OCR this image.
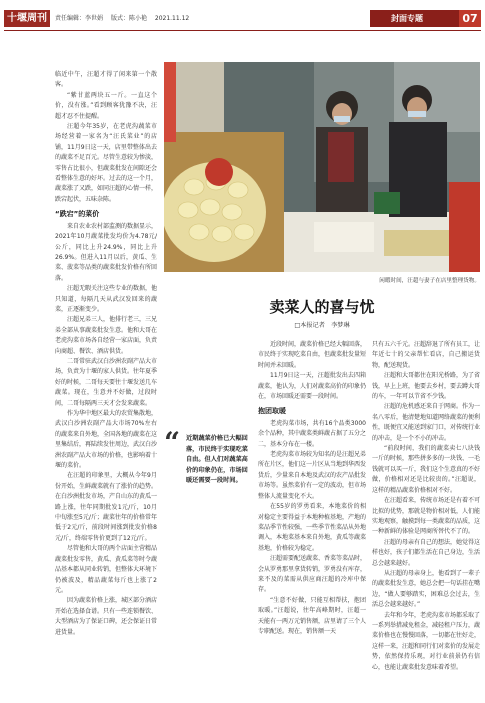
十堰周刊	责任编辑：李世娟 版式：陈小艳 2021.11.12	封面专题	07

临近中午，汪超才得了闲来第一个散客。

“紫甘蓝两块五一斤。一直这个价，没有涨。”看到顾客犹豫不决，汪超才忍不住提醒。

汪超今年35岁，在老虎沟蔬菜市场经营着一家名为“汪氏菜业”的店铺，11月9日这一天，店里带整体出去的蔬菜不足百元。尽管生意较为惨淡，零售占比很小，但蔬菜批发在间隙还会看整体生意的好坏。过去的这一个月，蔬菜涨了又跌，如同汪超的心情一样，跌宕起伏，五味杂陈。

“跌宕”的菜价

来自农业农村部监测的数据显示，2021年10月蔬菜批发均价为4.78元/公斤，同比上升24.9%，同比上升26.9%。但进入11月以后，黄瓜、生菜、菠菜等品类的蔬菜批发价格有所回落。

汪超无暇关注这些专业的数据，他只知道，每隔几天从武汉发回来的蔬菜，正逐渐变少。

汪超兄弟三人，他排行老三，三兄弟全部从事蔬菜批发生意。他和大哥在老虎沟菜市场各自经营一家店面，负责向商超、餐饮、酒店供货。

二哥常驻武汉白沙洲农副产品大市场，负责为十堰的家人供货。往年夏季好的时候，二哥每天要往十堰发送几车蔬菜。现在，生意并不好做，过段时间，二哥每隔两三天才会发来蔬菜。

作为华中地区最大的农贸集散地，武汉白沙洲农副产品大市场70%左右的蔬菜来自外地，全国各地的蔬菜在这里集结后，再陆续发往周边，武汉白沙洲农副产品大市场的价格，也影响着十堰的菜价。

在汪超的印象里，大概从今年9月份开始，生鲜蔬菜就有了涨价的趋势。在白沙洲批发市场，产自山东的黄瓜一路上涨，往年同期批发1元/斤，10月中旬涨至5元/斤；蔬菜往年的价格常年低于2元/斤，前段时间涨到批发价格8元/斤，终端零售价更到了12元/斤。

尽管他和大哥的两个店面主营精品蔬菜批发零售，黄瓜、黄瓜菜等时令蔬品基本都从同业转销，但整体大环境下仍被波及，精品蔬菜每斤也上涨了2元。

因为蔬菜价格上涨，城区部分酒店开始在选择食谱。只有一些连锁餐饮、大型酒店为了保证口碑，还会保证日常进货量。

闲暇时间，汪超与妻子在店里整理货物。
卖菜人的喜与忧
□本报记者　李梦琳

近段时间，蔬菜价格已经大幅回落，市民终于实现吃菜自由，但蔬菜批发量短时间并未回暖。

11月9日这一天，汪超批发出去四箱蔬菜，他认为，人们对蔬菜高价的印象仍在，市场回暖还需要一段时间。

抱团取暖

老虎沟菜市场，共有16个品类3000余个品种，其中蔬菜类鲜蔬占据了五分之二，基本分布在一楼。

老虎沟菜市场较为知名的是汪超兄弟所在片区，他们这一片区从当地到华西发货后，少量来自本地及武汉的农产品批发市场等。虽然菜价有一定的波动，但市场整体人流量变化不大。

在55岁的罗勇看来，本地菜价的相对稳定主要得益于本地种植基地，产地的菜品季节性较强，一些季节性菜品从外地调入，本地菜基本来自外地，黄瓜等蔬菜基地，价格较为稳定。

汪超需要配送蔬菜、香菜等菜品时，会从罗勇那里拿货转销，罗勇没有库存，来不及的菜需从供应商汪超的冷库中保存。

“生意不好做，只能互相帮扶，抱团取暖。”汪超说，往年高峰期时，汪超一天能有一两万元销售额，店里请了三个人专职配送。现在，销售额一天

只有五六千元。汪超辞退了所有员工，让年近七十的父亲帮忙看店，自己搬运货物，配送现货。

汪超和大哥都住在阳光桥路，为了省钱，早上上班，他要去乡村，要去蹲大哥的车，一年可以节省不少钱。

汪超的危机感还来自于网商。作为一名八零后，他清楚地知道网络蔬菜的便利性，既便宜又能送到家门口，对传统行业的冲击，是一个不小的冲击。

“前段时间，我们的蔬菜卖七八块钱一斤的时候，那些拼多多的一块钱、一毛钱就可以买一斤，我们这个生意真的不好做，价格相对还是比较贵的。”汪超说，这样的精品蔬菜价格相对不好。

在汪超看来，传统市场还是有着不可比拟的优势，那就是物价相对低，人们能实地观察，触摸到每一类蔬菜的品质，这一种新鲜的体验是网商所替代不了的。

汪超的母亲有自己的想法，她觉得这样也好，孩子们都生活在自己身边，生活总会越来越好。

从汪超的母亲身上，他看到了一辈子的蔬菜批发生意，她总会把一句话挂在嘴边，“做人要够踏实，困难总会过去，生活总会越来越好。”

去年和今年，老虎沟菜市场都采取了一系列举措减免租金，减轻租户压力，蔬菜价格也在慢慢回落，一切都在往好走，这样一来，汪超和同行们对菜价的发展走势，依然保持乐观，对行业前景仍有信心，也能让蔬菜批发意味着希望。

“ 近期蔬菜价格已大幅回落，市民终于实现吃菜自由。但人们对蔬菜高价的印象仍在，市场回暖还需要一段时间。
